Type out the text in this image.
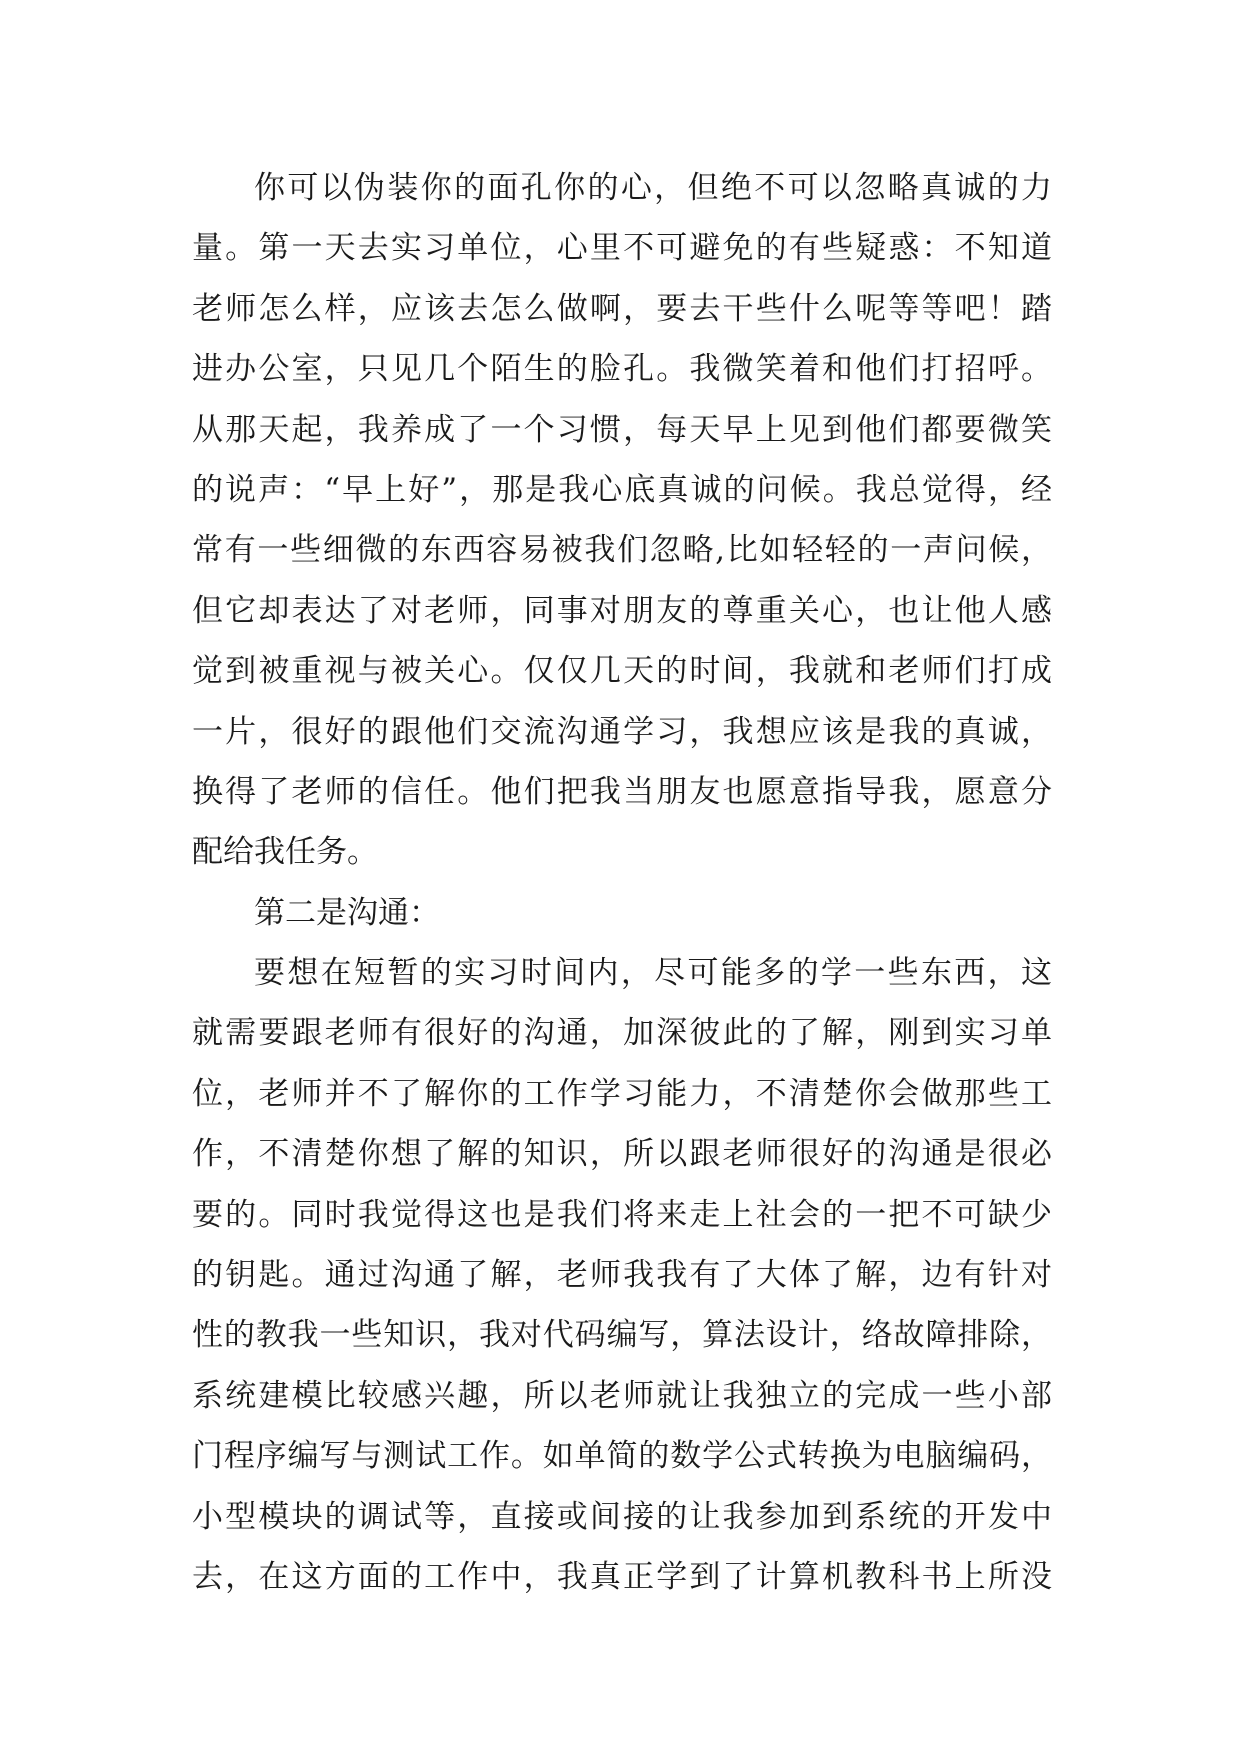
你可以伪装你的面孔你的心，但绝不可以忽略真诚的力
量。第一天去实习单位，心里不可避免的有些疑惑：不知道
老师怎么样，应该去怎么做啊，要去干些什么呢等等吧！踏
进办公室，只见几个陌生的脸孔。我微笑着和他们打招呼。
从那天起，我养成了一个习惯，每天早上见到他们都要微笑
的说声：“早上好”，那是我心底真诚的问候。我总觉得，经
常有一些细微的东西容易被我们忽略,比如轻轻的一声问候，
但它却表达了对老师，同事对朋友的尊重关心，也让他人感
觉到被重视与被关心。仅仅几天的时间，我就和老师们打成
一片，很好的跟他们交流沟通学习，我想应该是我的真诚，
换得了老师的信任。他们把我当朋友也愿意指导我，愿意分
配给我任务。
第二是沟通：
要想在短暂的实习时间内，尽可能多的学一些东西，这
就需要跟老师有很好的沟通，加深彼此的了解，刚到实习单
位，老师并不了解你的工作学习能力，不清楚你会做那些工
作，不清楚你想了解的知识，所以跟老师很好的沟通是很必
要的。同时我觉得这也是我们将来走上社会的一把不可缺少
的钥匙。通过沟通了解，老师我我有了大体了解，边有针对
性的教我一些知识，我对代码编写，算法设计，络故障排除，
系统建模比较感兴趣，所以老师就让我独立的完成一些小部
门程序编写与测试工作。如单简的数学公式转换为电脑编码，
小型模块的调试等，直接或间接的让我参加到系统的开发中
去，在这方面的工作中，我真正学到了计算机教科书上所没
